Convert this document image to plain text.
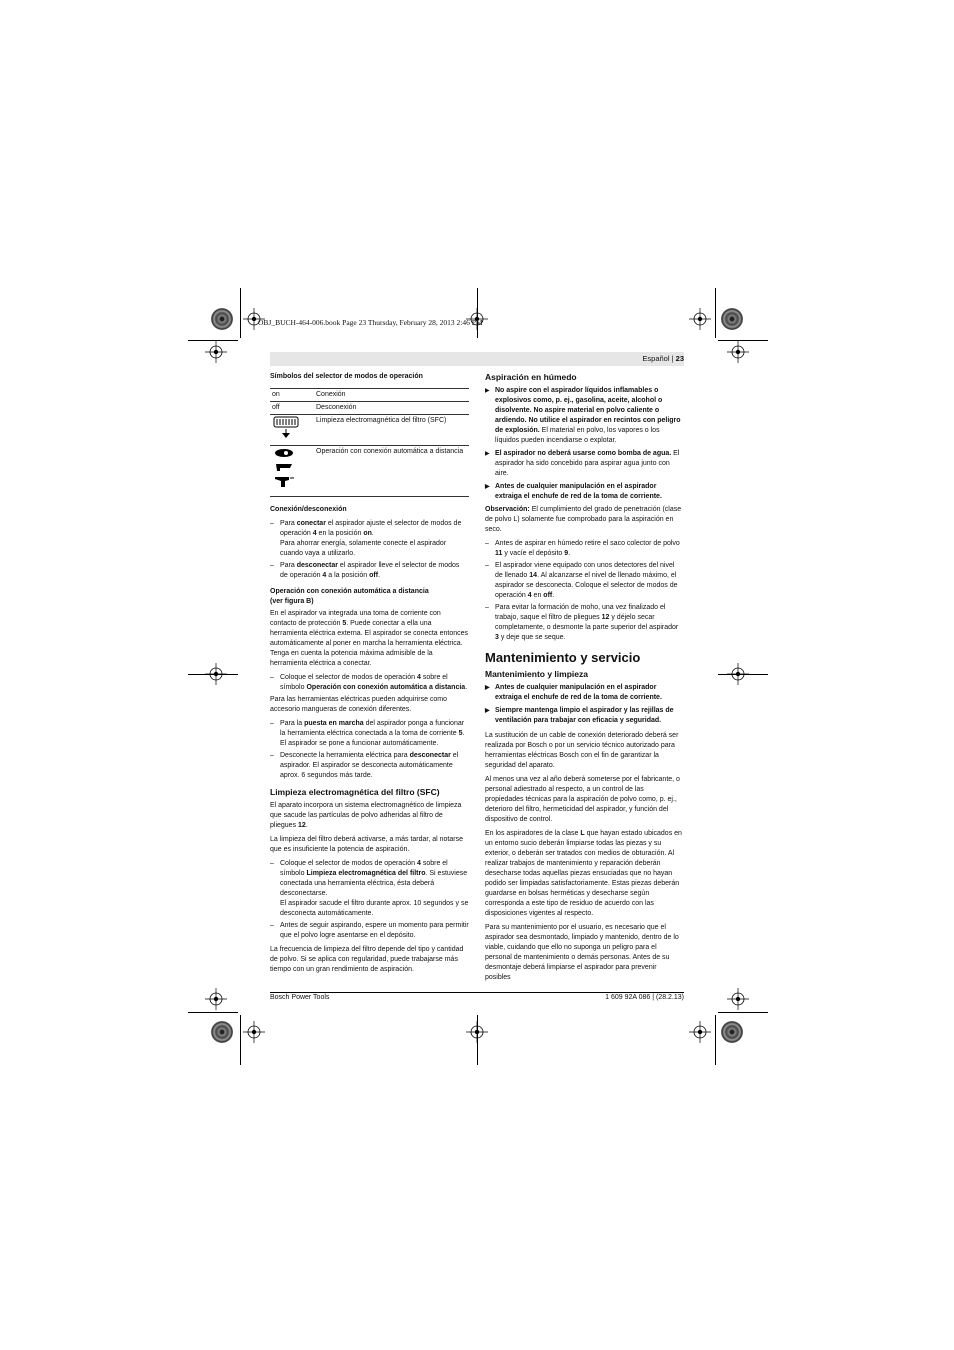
OBJ_BUCH-464-006.book Page 23 Thursday, February 28, 2013 2:46 PM
Español | 23
Símbolos del selector de modos de operación
on	Conexión
off	Desconexión
	Limpieza electromagnética del filtro (SFC)
	Operación con conexión automática a distancia
Conexión/desconexión
– Para conectar el aspirador ajuste el selector de modos de operación 4 en la posición on.
Para ahorrar energía, solamente conecte el aspirador cuando vaya a utilizarlo.
– Para desconectar el aspirador lleve el selector de modos de operación 4 a la posición off.
Operación con conexión automática a distancia
(ver figura B)

En el aspirador va integrada una toma de corriente con contacto de protección 5. Puede conectar a ella una herramienta eléctrica externa. El aspirador se conecta entonces automáticamente al poner en marcha la herramienta eléctrica. Tenga en cuenta la potencia máxima admisible de la herramienta eléctrica a conectar.

– Coloque el selector de modos de operación 4 sobre el símbolo Operación con conexión automática a distancia.

Para las herramientas eléctricas pueden adquirirse como accesorio mangueras de conexión diferentes.

– Para la puesta en marcha del aspirador ponga a funcionar la herramienta eléctrica conectada a la toma de corriente 5. El aspirador se pone a funcionar automáticamente.
– Desconecte la herramienta eléctrica para desconectar el aspirador. El aspirador se desconecta automáticamente aprox. 6 segundos más tarde.
Limpieza electromagnética del filtro (SFC)

El aparato incorpora un sistema electromagnético de limpieza que sacude las partículas de polvo adheridas al filtro de pliegues 12.

La limpieza del filtro deberá activarse, a más tardar, al notarse que es insuficiente la potencia de aspiración.

– Coloque el selector de modos de operación 4 sobre el símbolo Limpieza electromagnética del filtro. Si estuviese conectada una herramienta eléctrica, ésta deberá desconectarse.
El aspirador sacude el filtro durante aprox. 10 segundos y se desconecta automáticamente.
– Antes de seguir aspirando, espere un momento para permitir que el polvo logre asentarse en el depósito.

La frecuencia de limpieza del filtro depende del tipo y cantidad de polvo. Si se aplica con regularidad, puede trabajarse más tiempo con un gran rendimiento de aspiración.

Aspiración en húmedo
▶ No aspire con el aspirador líquidos inflamables o explosivos como, p. ej., gasolina, aceite, alcohol o disolvente. No aspire material en polvo caliente o ardiendo. No utilice el aspirador en recintos con peligro de explosión. El material en polvo, los vapores o los líquidos pueden incendiarse o explotar.
▶ El aspirador no deberá usarse como bomba de agua. El aspirador ha sido concebido para aspirar agua junto con aire.
▶ Antes de cualquier manipulación en el aspirador extraiga el enchufe de red de la toma de corriente.

Observación: El cumplimiento del grado de penetración (clase de polvo L) solamente fue comprobado para la aspiración en seco.

– Antes de aspirar en húmedo retire el saco colector de polvo 11 y vacíe el depósito 9.
– El aspirador viene equipado con unos detectores del nivel de llenado 14. Al alcanzarse el nivel de llenado máximo, el aspirador se desconecta. Coloque el selector de modos de operación 4 en off.
– Para evitar la formación de moho, una vez finalizado el trabajo, saque el filtro de pliegues 12 y déjelo secar completamente, o desmonte la parte superior del aspirador 3 y deje que se seque.
Mantenimiento y servicio
Mantenimiento y limpieza
▶ Antes de cualquier manipulación en el aspirador extraiga el enchufe de red de la toma de corriente.
▶ Siempre mantenga limpio el aspirador y las rejillas de ventilación para trabajar con eficacia y seguridad.

La sustitución de un cable de conexión deteriorado deberá ser realizada por Bosch o por un servicio técnico autorizado para herramientas eléctricas Bosch con el fin de garantizar la seguridad del aparato.

Al menos una vez al año deberá someterse por el fabricante, o personal adiestrado al respecto, a un control de las propiedades técnicas para la aspiración de polvo como, p. ej., deterioro del filtro, hermeticidad del aspirador, y función del dispositivo de control.

En los aspiradores de la clase L que hayan estado ubicados en un entorno sucio deberán limpiarse todas las piezas y su exterior, o deberán ser tratados con medios de obturación. Al realizar trabajos de mantenimiento y reparación deberán desecharse todas aquellas piezas ensuciadas que no hayan podido ser limpiadas satisfactoriamente. Estas piezas deberán guardarse en bolsas herméticas y desecharse según corresponda a este tipo de residuo de acuerdo con las disposiciones vigentes al respecto.

Para su mantenimiento por el usuario, es necesario que el aspirador sea desmontado, limpiado y mantenido, dentro de lo viable, cuidando que ello no suponga un peligro para el personal de mantenimiento o demás personas. Antes de su desmontaje deberá limpiarse el aspirador para prevenir posibles

Bosch Power Tools	1 609 92A 086 | (28.2.13)
